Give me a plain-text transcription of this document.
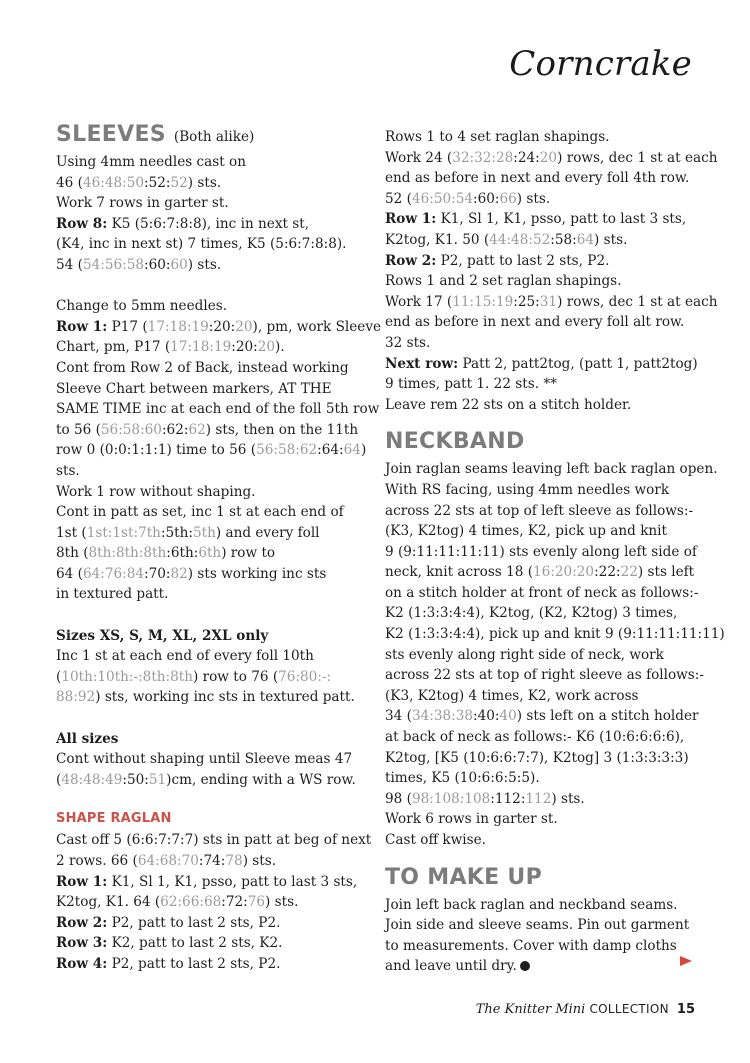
Corncrake
SLEEVES (Both alike)

Using 4mm needles cast on

46 (46:48:50:52:52) sts.

Work 7 rows in garter st.

Row 8: K5 (5:6:7:8:8), inc in next st,

(K4, inc in next st) 7 times, K5 (5:6:7:8:8).

54 (54:56:58:60:60) sts.

Change to 5mm needles.

Row 1: P17 (17:18:19:20:20), pm, work Sleeve

Chart, pm, P17 (17:18:19:20:20).

Cont from Row 2 of Back, instead working

Sleeve Chart between markers, AT THE

SAME TIME inc at each end of the foll 5th row

to 56 (56:58:60:62:62) sts, then on the 11th

row 0 (0:0:1:1:1) time to 56 (56:58:62:64:64)

sts.

Work 1 row without shaping.

Cont in patt as set, inc 1 st at each end of

1st (1st:1st:7th:5th:5th) and every foll

8th (8th:8th:8th:6th:6th) row to

64 (64:76:84:70:82) sts working inc sts

in textured patt.

Sizes XS, S, M, XL, 2XL only

Inc 1 st at each end of every foll 10th

(10th:10th:-:8th:8th) row to 76 (76:80:-:

88:92) sts, working inc sts in textured patt.

All sizes

Cont without shaping until Sleeve meas 47

(48:48:49:50:51)cm, ending with a WS row.

SHAPE RAGLAN

Cast off 5 (6:6:7:7:7) sts in patt at beg of next

2 rows. 66 (64:68:70:74:78) sts.

Row 1: K1, Sl 1, K1, psso, patt to last 3 sts,

K2tog, K1. 64 (62:66:68:72:76) sts.

Row 2: P2, patt to last 2 sts, P2.

Row 3: K2, patt to last 2 sts, K2.

Row 4: P2, patt to last 2 sts, P2.

Rows 1 to 4 set raglan shapings.

Work 24 (32:32:28:24:20) rows, dec 1 st at each

end as before in next and every foll 4th row.

52 (46:50:54:60:66) sts.

Row 1: K1, Sl 1, K1, psso, patt to last 3 sts,

K2tog, K1. 50 (44:48:52:58:64) sts.

Row 2: P2, patt to last 2 sts, P2.

Rows 1 and 2 set raglan shapings.

Work 17 (11:15:19:25:31) rows, dec 1 st at each

end as before in next and every foll alt row.

32 sts.

Next row: Patt 2, patt2tog, (patt 1, patt2tog)

9 times, patt 1. 22 sts. **

Leave rem 22 sts on a stitch holder.

NECKBAND

Join raglan seams leaving left back raglan open.

With RS facing, using 4mm needles work

across 22 sts at top of left sleeve as follows:-

(K3, K2tog) 4 times, K2, pick up and knit

9 (9:11:11:11:11) sts evenly along left side of

neck, knit across 18 (16:20:20:22:22) sts left

on a stitch holder at front of neck as follows:-

K2 (1:3:3:4:4), K2tog, (K2, K2tog) 3 times,

K2 (1:3:3:4:4), pick up and knit 9 (9:11:11:11:11)

sts evenly along right side of neck, work

across 22 sts at top of right sleeve as follows:-

(K3, K2tog) 4 times, K2, work across

34 (34:38:38:40:40) sts left on a stitch holder

at back of neck as follows:- K6 (10:6:6:6:6),

K2tog, [K5 (10:6:6:7:7), K2tog] 3 (1:3:3:3:3)

times, K5 (10:6:6:5:5).

98 (98:108:108:112:112) sts.

Work 6 rows in garter st.

Cast off kwise.

TO MAKE UP

Join left back raglan and neckband seams.

Join side and sleeve seams. Pin out garment

to measurements. Cover with damp cloths

and leave until dry.

The Knitter Mini COLLECTION 15
